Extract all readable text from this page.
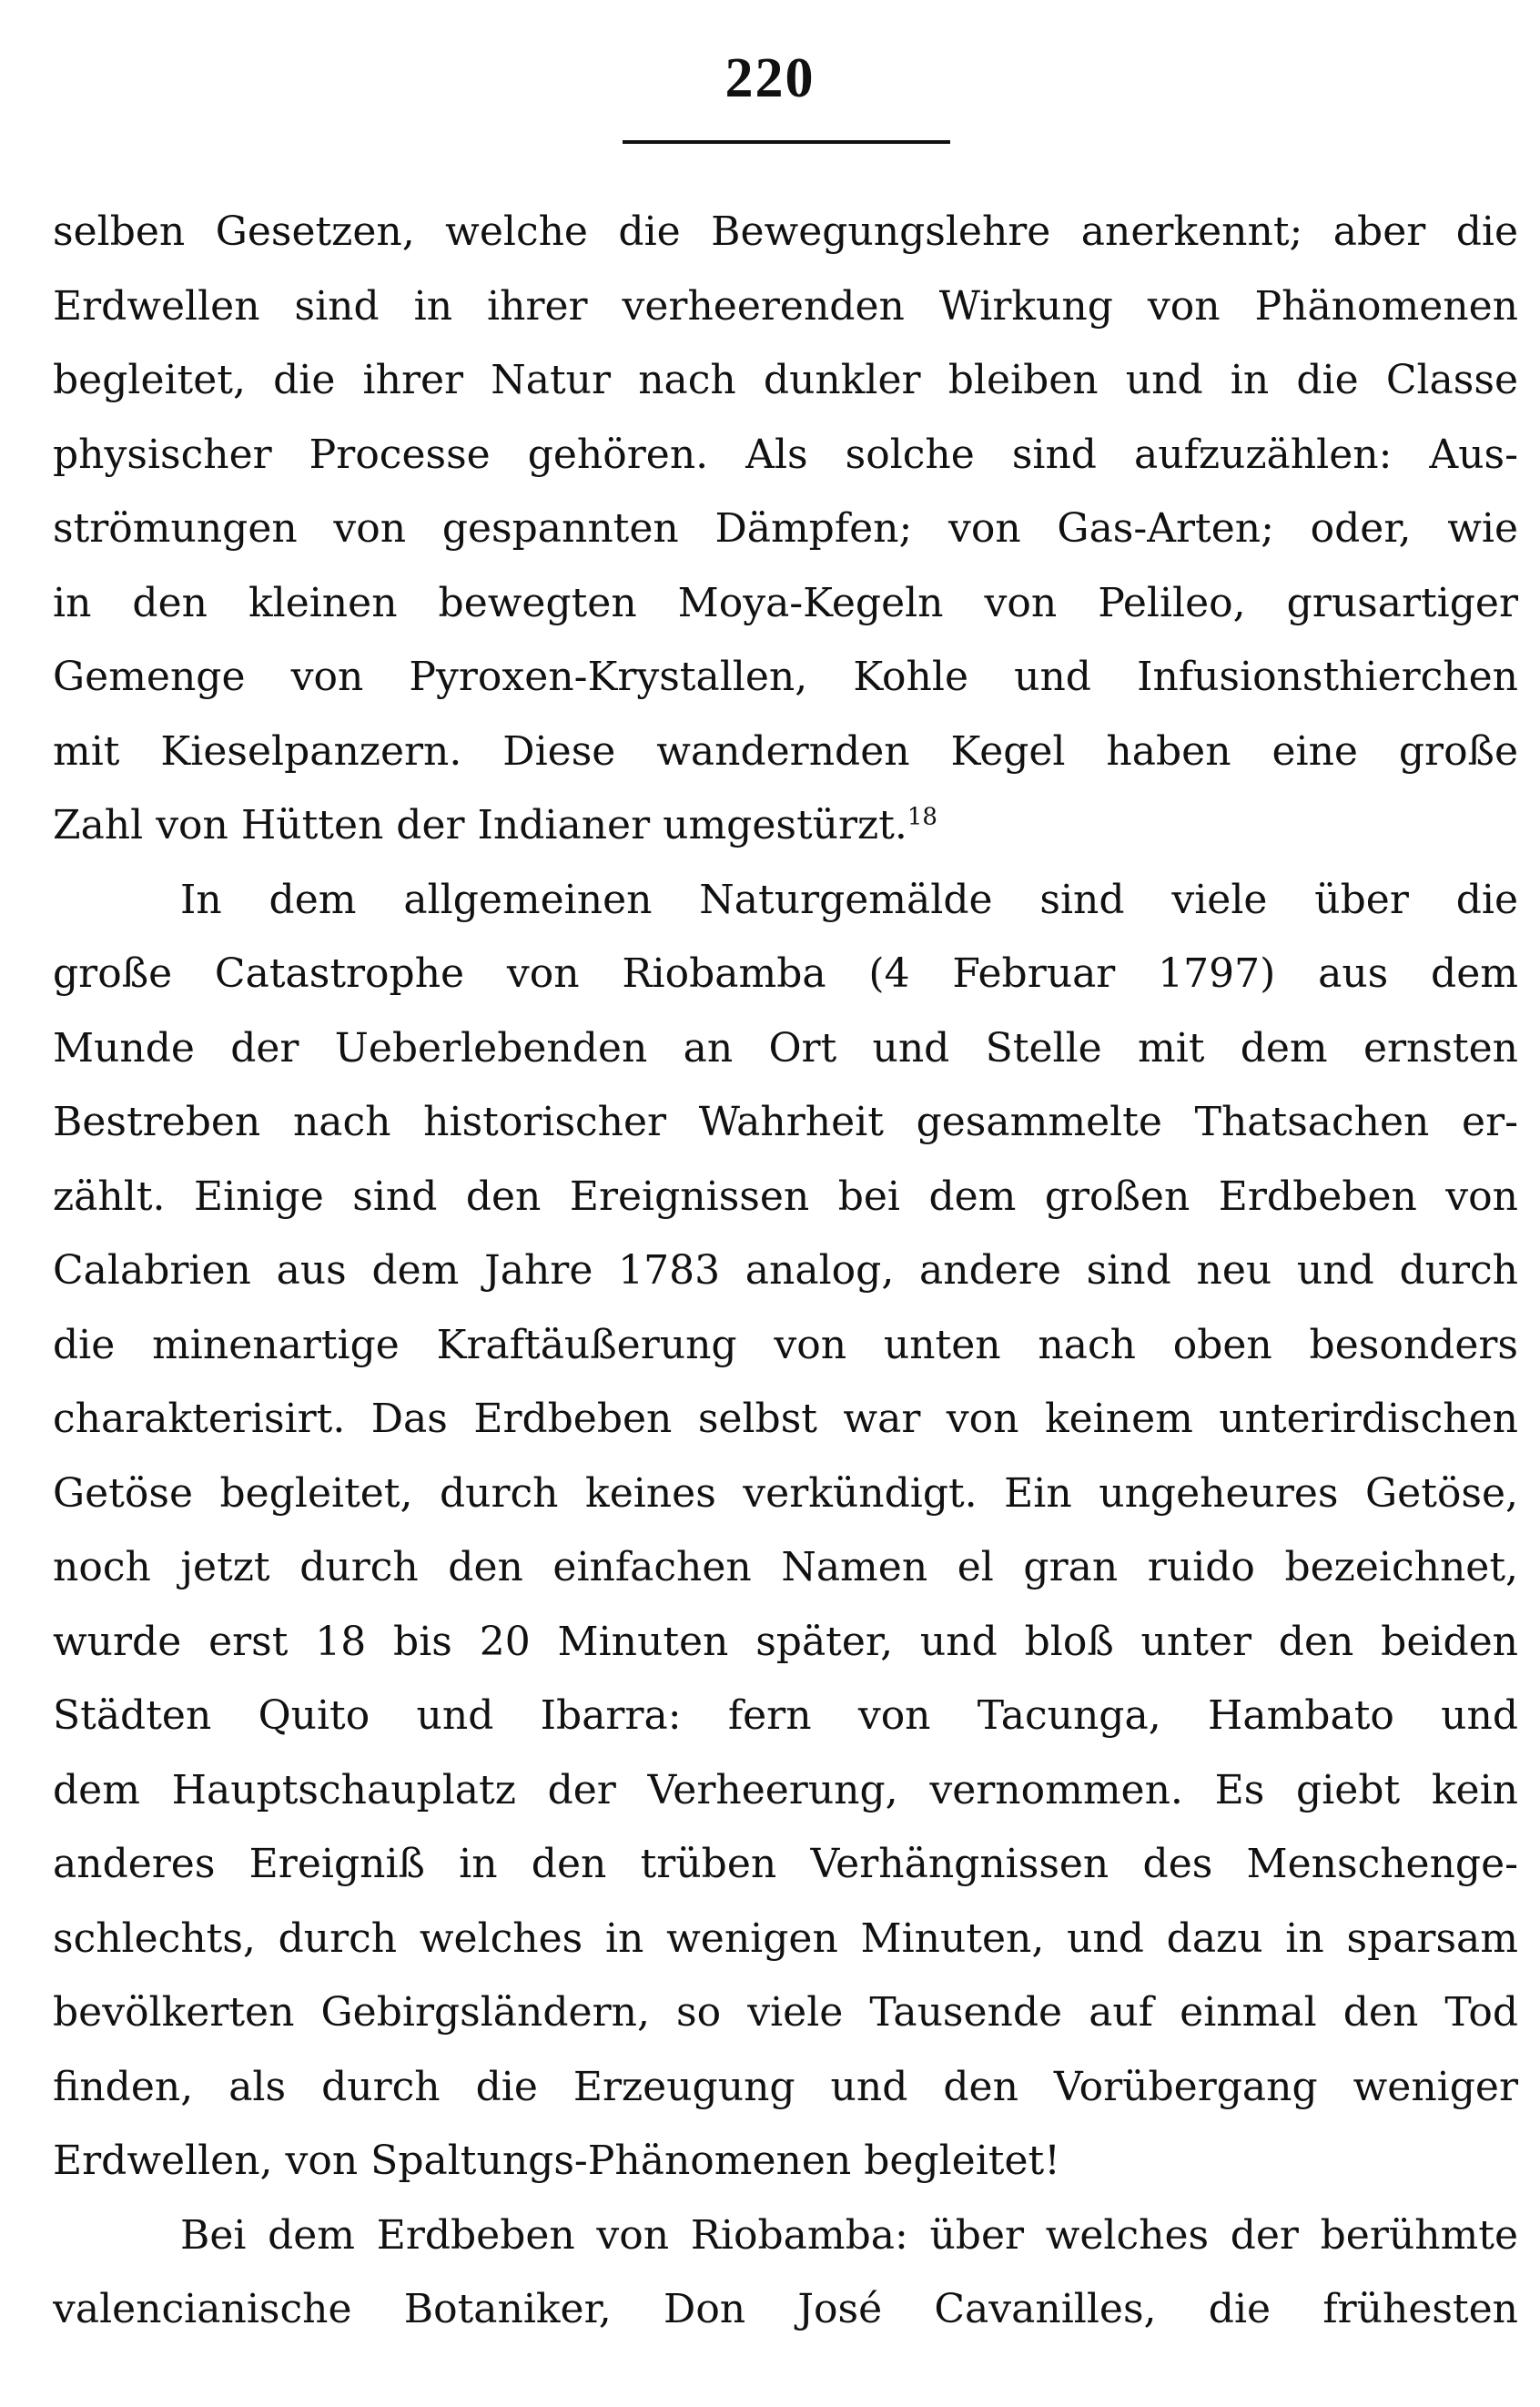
220
selben Gesetzen, welche die Bewegungslehre anerkennt; aber die
Erdwellen sind in ihrer verheerenden Wirkung von Phänomenen
begleitet, die ihrer Natur nach dunkler bleiben und in die Classe
physischer Processe gehören. Als solche sind aufzuzählen: Aus-
strömungen von gespannten Dämpfen; von Gas-Arten; oder, wie
in den kleinen bewegten Moya-Kegeln von Pelileo, grusartiger
Gemenge von Pyroxen-Krystallen, Kohle und Infusionsthierchen
mit Kieselpanzern. Diese wandernden Kegel haben eine große
Zahl von Hütten der Indianer umgestürzt.$^{18}$
In dem allgemeinen Naturgemälde sind viele über die
große Catastrophe von Riobamba (4 Februar 1797) aus dem
Munde der Ueberlebenden an Ort und Stelle mit dem ernsten
Bestreben nach historischer Wahrheit gesammelte Thatsachen er-
zählt. Einige sind den Ereignissen bei dem großen Erdbeben von
Calabrien aus dem Jahre 1783 analog, andere sind neu und durch
die minenartige Kraftäußerung von unten nach oben besonders
charakterisirt. Das Erdbeben selbst war von keinem unterirdischen
Getöse begleitet, durch keines verkündigt. Ein ungeheures Getöse,
noch jetzt durch den einfachen Namen el gran ruido bezeichnet,
wurde erst 18 bis 20 Minuten später, und bloß unter den beiden
Städten Quito und Ibarra: fern von Tacunga, Hambato und
dem Hauptschauplatz der Verheerung, vernommen. Es giebt kein
anderes Ereigniß in den trüben Verhängnissen des Menschenge-
schlechts, durch welches in wenigen Minuten, und dazu in sparsam
bevölkerten Gebirgsländern, so viele Tausende auf einmal den Tod
finden, als durch die Erzeugung und den Vorübergang weniger
Erdwellen, von Spaltungs-Phänomenen begleitet!
Bei dem Erdbeben von Riobamba: über welches der berühmte
valencianische Botaniker, Don José Cavanilles, die frühesten
